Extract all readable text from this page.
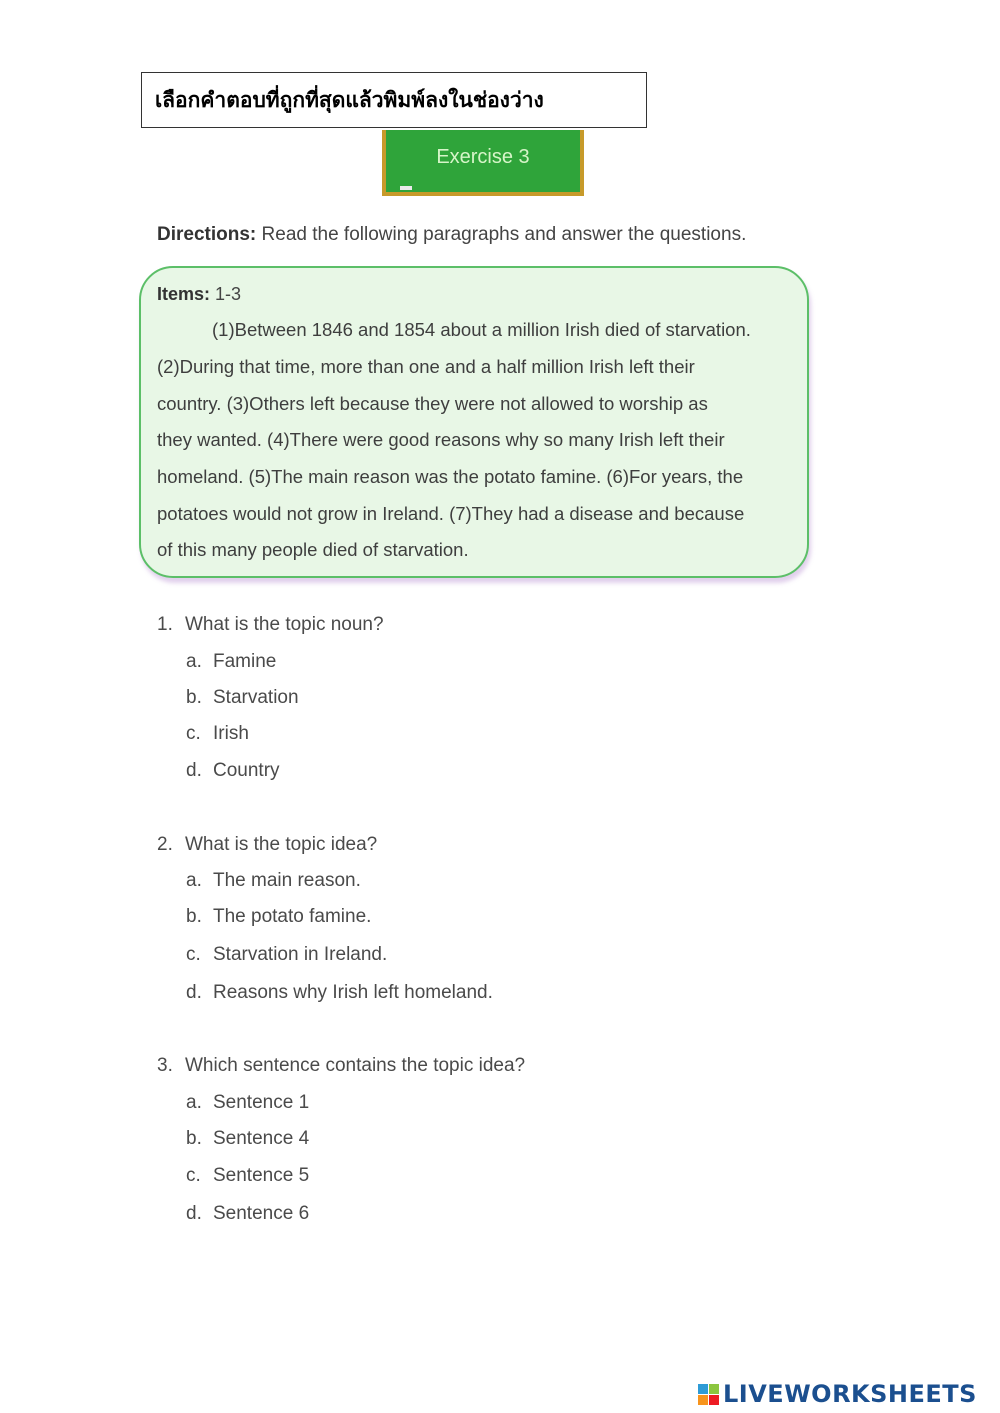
เลือกคำตอบที่ถูกที่สุดแล้วพิมพ์ลงในช่องว่าง
Exercise 3
Directions: Read the following paragraphs and answer the questions.
Items: 1-3
(1)Between 1846 and 1854 about a million Irish died of starvation.
(2)During that time, more than one and a half million Irish left their
country. (3)Others left because they were not allowed to worship as
they wanted. (4)There were good reasons why so many Irish left their
homeland. (5)The main reason was the potato famine. (6)For years, the
potatoes would not grow in Ireland. (7)They had a disease and because
of this many people died of starvation.
1. What is the topic noun?
a. Famine
b. Starvation
c. Irish
d. Country
2. What is the topic idea?
a. The main reason.
b. The potato famine.
c. Starvation in Ireland.
d. Reasons why Irish left homeland.
3. Which sentence contains the topic idea?
a. Sentence 1
b. Sentence 4
c. Sentence 5
d. Sentence 6
LIVEWORKSHEETS
